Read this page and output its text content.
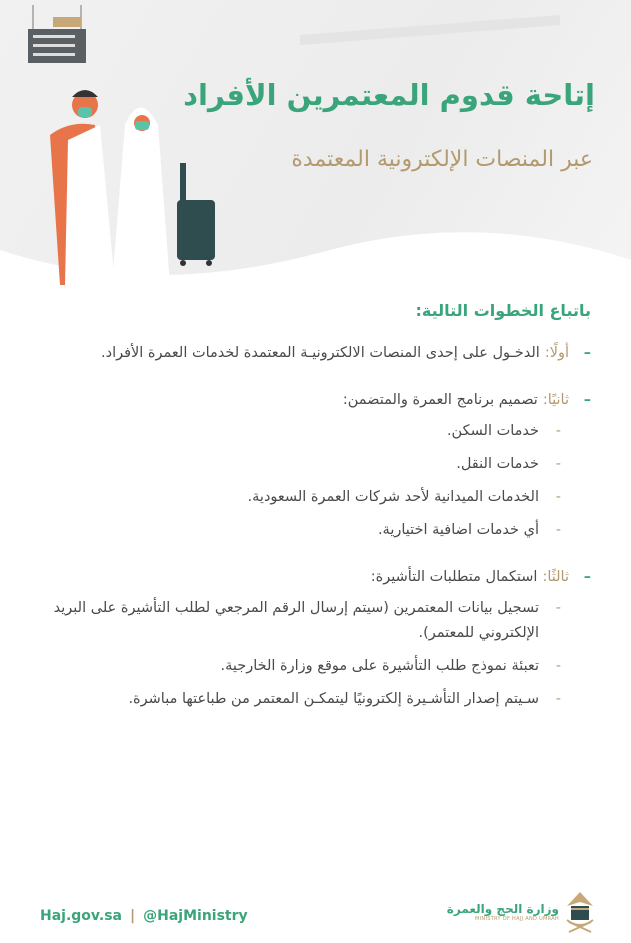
إتاحة قدوم المعتمرين الأفراد
عبر المنصات الإلكترونية المعتمدة
باتباع الخطوات التالية:
–
أولًا:الدخـول على إحدى المنصات الالكترونيـة المعتمدة لخدمات العمرة الأفراد.
–
ثانيًا:تصميم برنامج العمرة والمتضمن:
-
خدمات السكن.
-
خدمات النقل.
-
الخدمات الميدانية لأحد شركات العمرة السعودية.
-
أي خدمات اضافية اختيارية.
–
ثالثًا:استكمال متطلبات التأشيرة:
-
تسجيل بيانات المعتمرين (سيتم إرسال الرقم المرجعي لطلب التأشيرة على البريد الإلكتروني للمعتمر).
-
تعبئة نموذج طلب التأشيرة على موقع وزارة الخارجية.
-
سـيتم إصدار التأشـيرة إلكترونيًا ليتمكـن المعتمر من طباعتها مباشرة.
Haj.gov.sa | @HajMinistry	وزارة الحج والعمرة
MINISTRY OF HAJJ AND UMRAH
